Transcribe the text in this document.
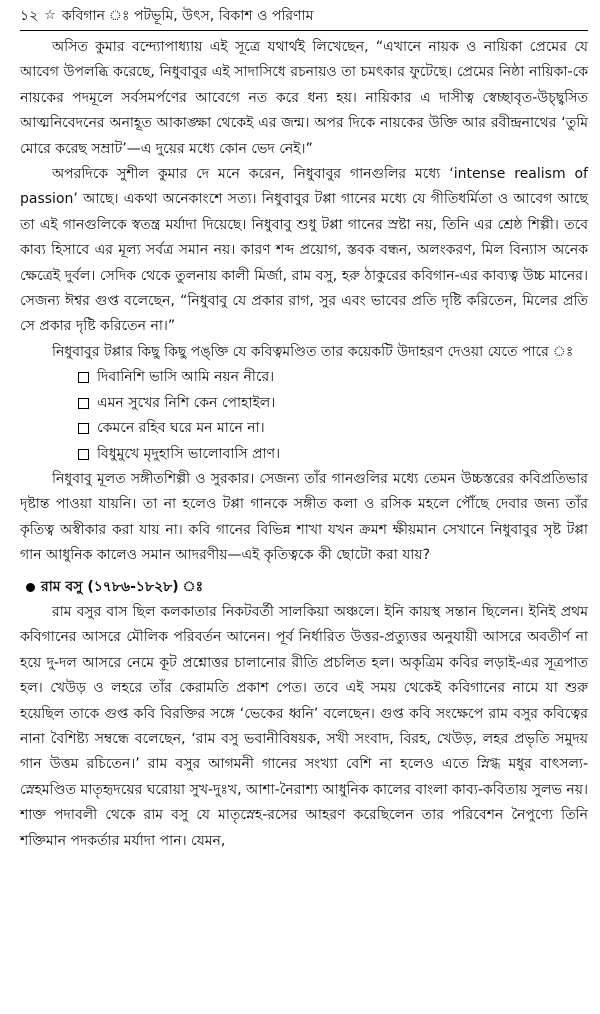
১২ ☆ কবিগান ঃ পটভূমি, উৎস, বিকাশ ও পরিণাম

অসিত কুমার বন্দ্যোপাধ্যায় এই সূত্রে যথার্থই লিখেছেন, “এখানে নায়ক ও নায়িকা প্রেমের যে আবেগ উপলব্ধি করেছে, নিধুবাবুর এই সাদাসিধে রচনায়ও তা চমৎকার ফুটেছে। প্রেমের নিষ্ঠা নায়িকা-কে নায়কের পদমূলে সর্বসমর্পণের আবেগে নত করে ধন্য হয়। নায়িকার এ দাসীত্ব স্বেচ্ছাবৃত-উচ্ছ্বসিত আত্মনিবেদনের অনাহূত আকাঙ্ক্ষা থেকেই এর জন্ম। অপর দিকে নায়কের উক্তি আর রবীন্দ্রনাথের ‘তুমি মোরে করেছ সম্রাট’—এ দুয়ের মধ্যে কোন ভেদ নেই।”

অপরদিকে সুশীল কুমার দে মনে করেন, নিধুবাবুর গানগুলির মধ্যে ‘intense realism of passion’ আছে। একথা অনেকাংশে সত্য। নিধুবাবুর টপ্পা গানের মধ্যে যে গীতিধর্মিতা ও আবেগ আছে তা এই গানগুলিকে স্বতন্ত্র মর্যাদা দিয়েছে। নিধুবাবু শুধু টপ্পা গানের স্রষ্টা নয়, তিনি এর শ্রেষ্ঠ শিল্পী। তবে কাব্য হিসাবে এর মূল্য সর্বত্র সমান নয়। কারণ শব্দ প্রয়োগ, স্তবক বন্ধন, অলংকরণ, মিল বিন্যাস অনেক ক্ষেত্রেই দুর্বল। সেদিক থেকে তুলনায় কালী মির্জা, রাম বসু, হরু ঠাকুরের কবিগান-এর কাব্যত্ব উচ্চ মানের। সেজন্য ঈশ্বর গুপ্ত বলেছেন, “নিধুবাবু যে প্রকার রাগ, সুর এবং ভাবের প্রতি দৃষ্টি করিতেন, মিলের প্রতি সে প্রকার দৃষ্টি করিতেন না।”

নিধুবাবুর টপ্পার কিছু কিছু পঙ্‌ক্তি যে কবিত্বমণ্ডিত তার কয়েকটি উদাহরণ দেওয়া যেতে পারে ঃ

দিবানিশি ভাসি আমি নয়ন নীরে।
এমন সুখের নিশি কেন পোহাইল।
কেমনে রহিব ঘরে মন মানে না।
বিধুমুখে মৃদুহাসি ভালোবাসি প্রাণ।

নিধুবাবু মূলত সঙ্গীতশিল্পী ও সুরকার। সেজন্য তাঁর গানগুলির মধ্যে তেমন উচ্চস্তরের কবিপ্রতিভার দৃষ্টান্ত পাওয়া যায়নি। তা না হলেও টপ্পা গানকে সঙ্গীত কলা ও রসিক মহলে পৌঁছে দেবার জন্য তাঁর কৃতিত্ব অস্বীকার করা যায় না। কবি গানের বিভিন্ন শাখা যখন ক্রমশ ক্ষীয়মান সেখানে নিধুবাবুর সৃষ্ট টপ্পা গান আধুনিক কালেও সমান আদরণীয়—এই কৃতিত্বকে কী ছোটো করা যায়?

রাম বসু (১৭৮৬-১৮২৮) ঃ

রাম বসুর বাস ছিল কলকাতার নিকটবর্তী সালকিয়া অঞ্চলে। ইনি কায়স্থ সন্তান ছিলেন। ইনিই প্রথম কবিগানের আসরে মৌলিক পরিবর্তন আনেন। পূর্ব নির্ধারিত উত্তর-প্রত্যুত্তর অনুযায়ী আসরে অবতীর্ণ না হয়ে দু-দল আসরে নেমে কূট প্রশ্নোত্তর চালানোর রীতি প্রচলিত হল। অকৃত্রিম কবির লড়াই-এর সূত্রপাত হল। খেউড় ও লহরে তাঁর কেরামতি প্রকাশ পেত। তবে এই সময় থেকেই কবিগানের নামে যা শুরু হয়েছিল তাকে গুপ্ত কবি বিরক্তির সঙ্গে ‘ভেকের ধ্বনি’ বলেছেন। গুপ্ত কবি সংক্ষেপে রাম বসুর কবিত্বের নানা বৈশিষ্ট্য সম্বন্ধে বলেছেন, ‘রাম বসু ভবানীবিষয়ক, সখী সংবাদ, বিরহ, খেউড়, লহর প্রভৃতি সমুদয় গান উত্তম রচিতেন।’ রাম বসুর আগমনী গানের সংখ্যা বেশি না হলেও এতে স্নিগ্ধ মধুর বাৎসল্য-স্নেহমণ্ডিত মাতৃহৃদয়ের ঘরোয়া সুখ-দুঃখ, আশা-নৈরাশ্য আধুনিক কালের বাংলা কাব্য-কবিতায় সুলভ নয়। শাক্ত পদাবলী থেকে রাম বসু যে মাতৃস্নেহ-রসের আহরণ করেছিলেন তার পরিবেশন নৈপুণ্যে তিনি শক্তিমান পদকর্তার মর্যাদা পান। যেমন,
